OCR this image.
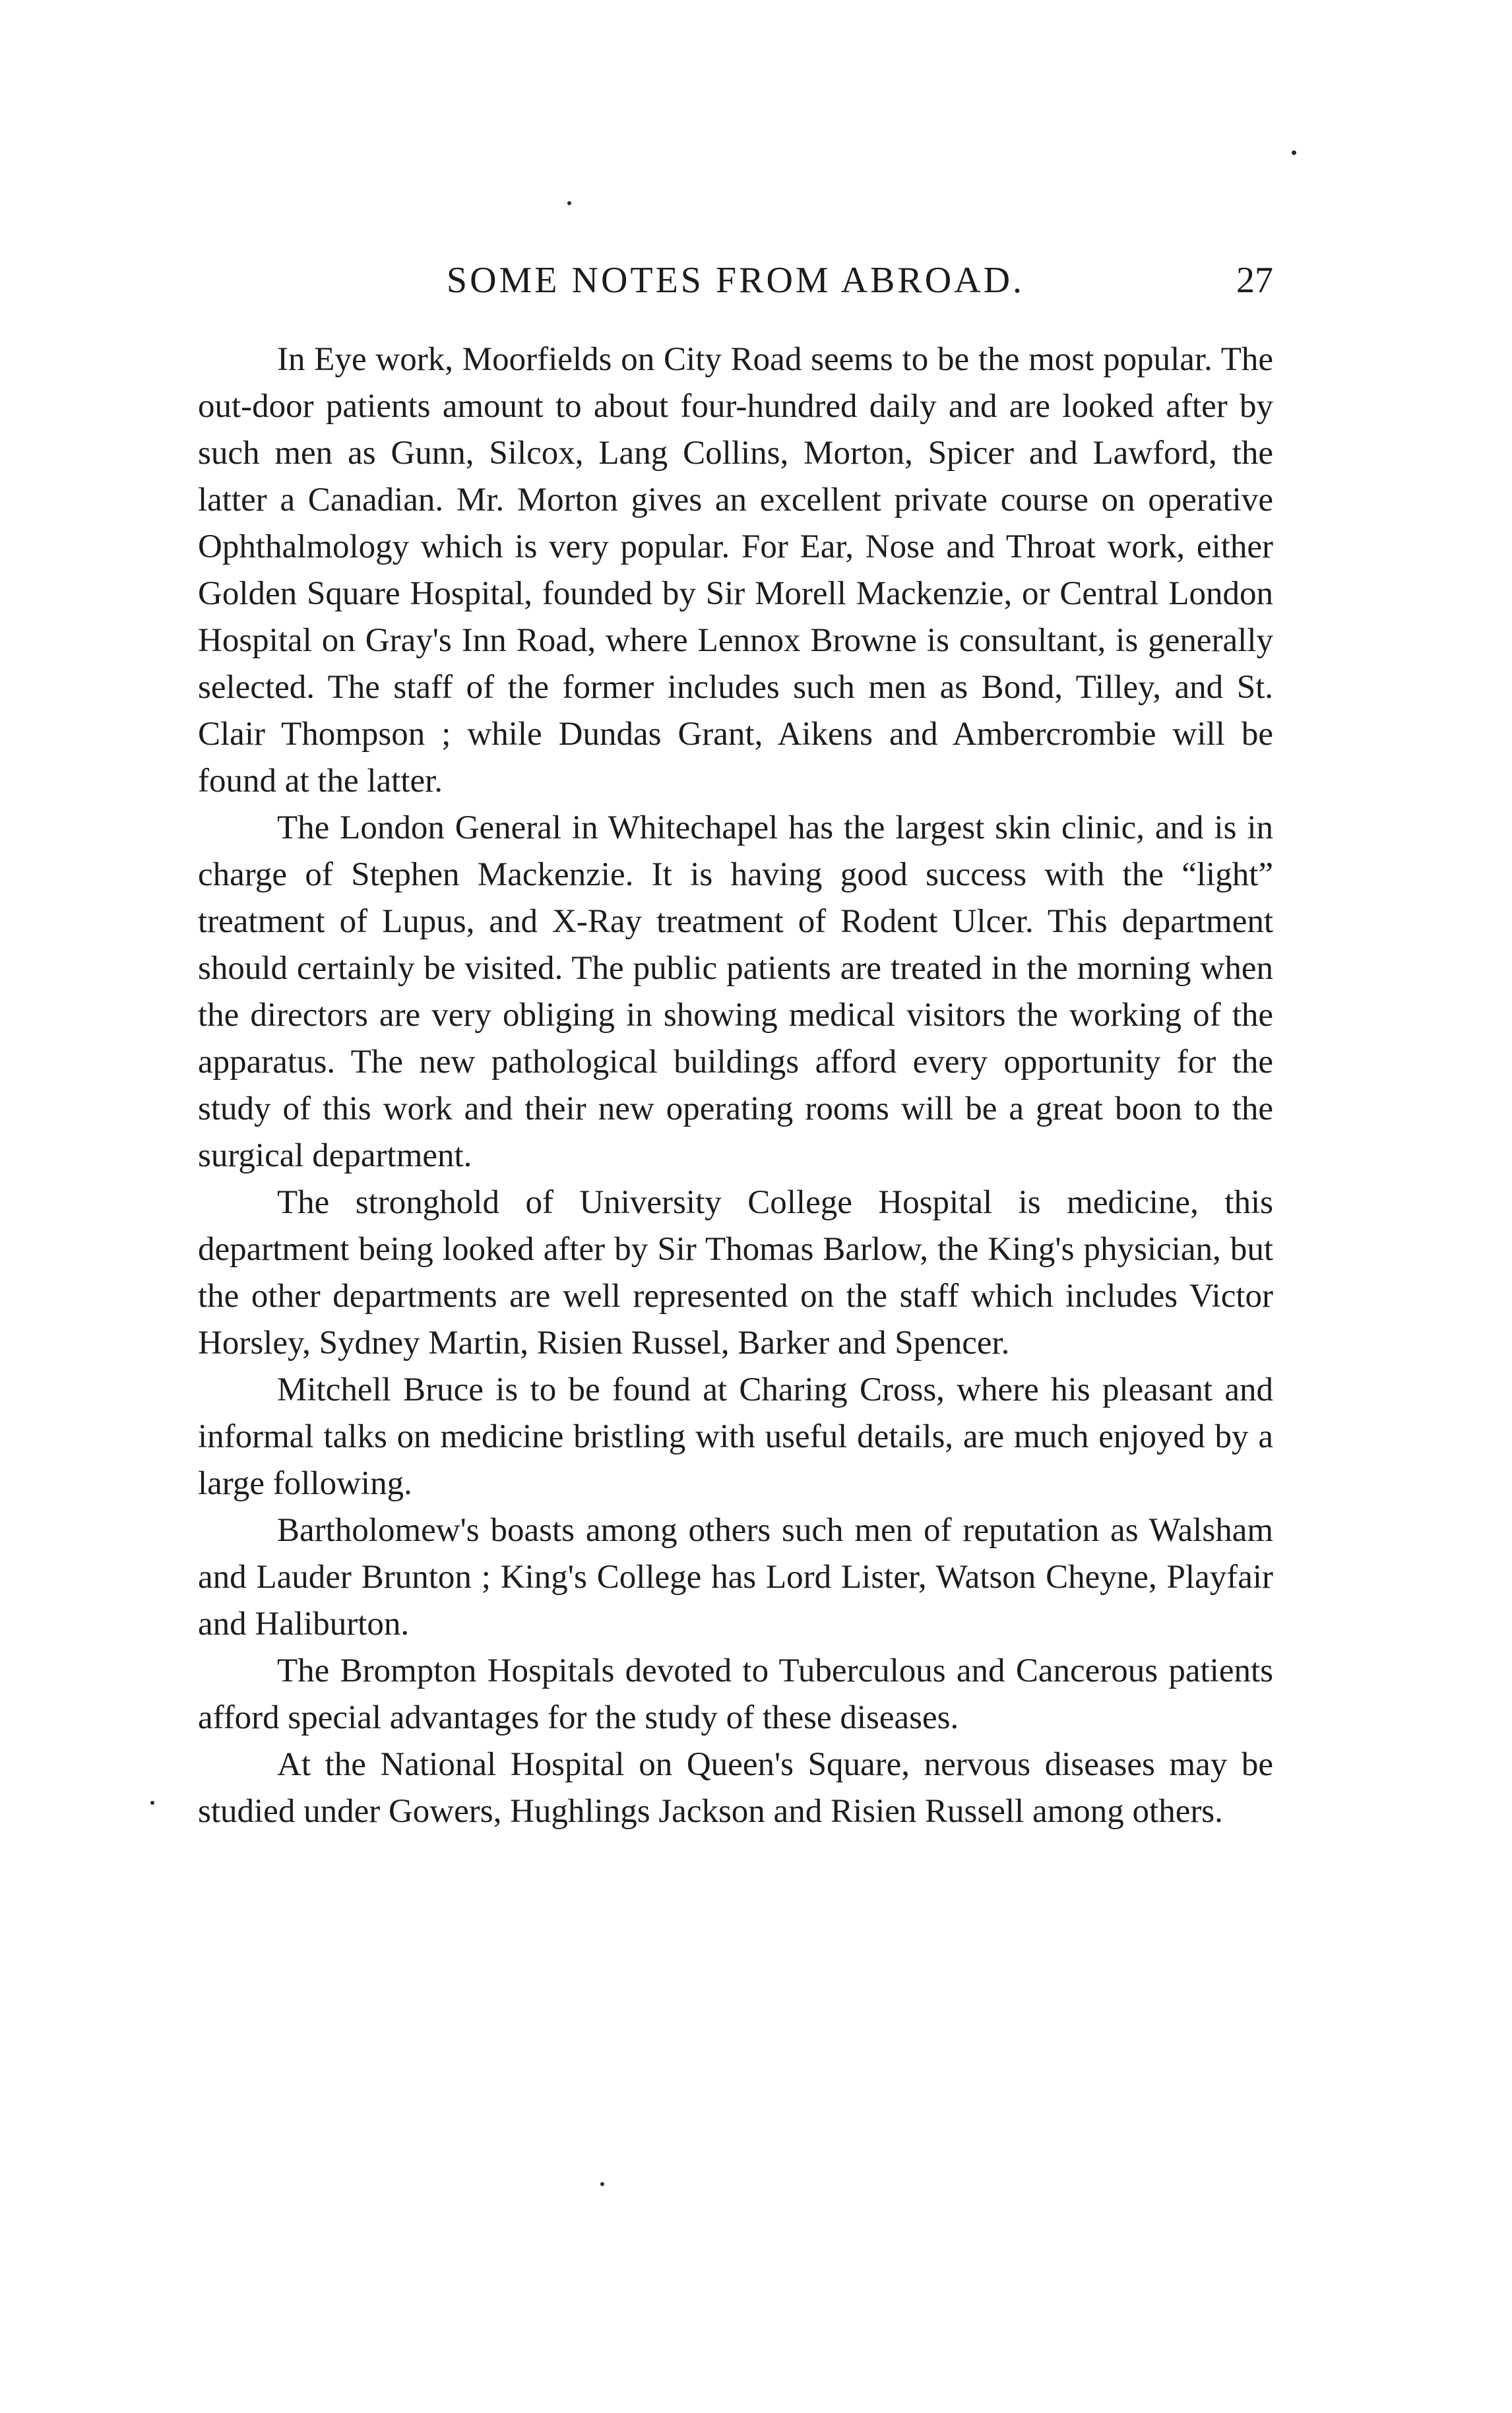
SOME NOTES FROM ABROAD.	27

In Eye work, Moorfields on City Road seems to be the most popular. The out-door patients amount to about four-hundred daily and are looked after by such men as Gunn, Silcox, Lang Collins, Morton, Spicer and Lawford, the latter a Canadian. Mr. Morton gives an excellent private course on operative Ophthalmology which is very popular. For Ear, Nose and Throat work, either Golden Square Hospital, founded by Sir Morell Mackenzie, or Central London Hospital on Gray's Inn Road, where Lennox Browne is consultant, is generally selected. The staff of the former includes such men as Bond, Tilley, and St. Clair Thompson ; while Dundas Grant, Aikens and Ambercrombie will be found at the latter.

The London General in Whitechapel has the largest skin clinic, and is in charge of Stephen Mackenzie. It is having good success with the “light” treatment of Lupus, and X-Ray treatment of Rodent Ulcer. This department should certainly be visited. The public patients are treated in the morning when the directors are very obliging in showing medical visitors the working of the apparatus. The new pathological buildings afford every opportunity for the study of this work and their new operating rooms will be a great boon to the surgical department.

The stronghold of University College Hospital is medicine, this department being looked after by Sir Thomas Barlow, the King's physician, but the other departments are well represented on the staff which includes Victor Horsley, Sydney Martin, Risien Russel, Barker and Spencer.

Mitchell Bruce is to be found at Charing Cross, where his pleasant and informal talks on medicine bristling with useful details, are much enjoyed by a large following.

Bartholomew's boasts among others such men of reputation as Walsham and Lauder Brunton ; King's College has Lord Lister, Watson Cheyne, Playfair and Haliburton.

The Brompton Hospitals devoted to Tuberculous and Cancerous patients afford special advantages for the study of these diseases.

At the National Hospital on Queen's Square, nervous diseases may be studied under Gowers, Hughlings Jackson and Risien Russell among others.
